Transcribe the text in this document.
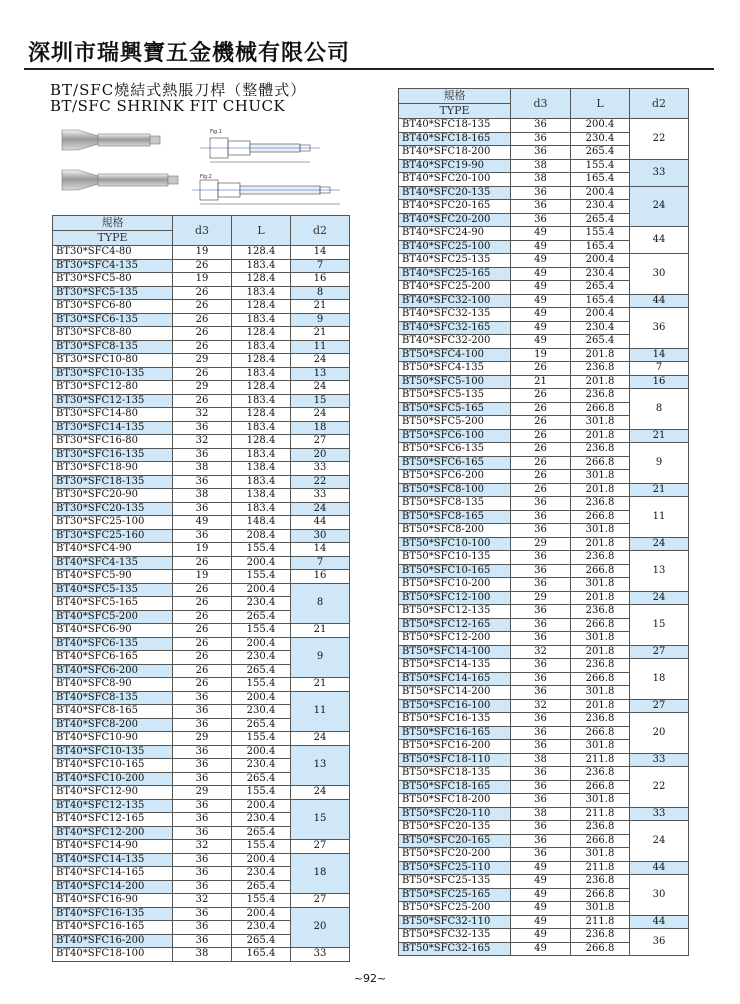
深圳市瑞興寶五金機械有限公司
BT/SFC燒結式熱脹刀桿（整體式）
BT/SFC SHRINK FIT CHUCK
Fig.1
Fig.2
規格	d3	L	d2
TYPE			
BT30*SFC4-80	19	128.4	14
BT30*SFC4-135	26	183.4	7
BT30*SFC5-80	19	128.4	16
BT30*SFC5-135	26	183.4	8
BT30*SFC6-80	26	128.4	21
BT30*SFC6-135	26	183.4	9
BT30*SFC8-80	26	128.4	21
BT30*SFC8-135	26	183.4	11
BT30*SFC10-80	29	128.4	24
BT30*SFC10-135	26	183.4	13
BT30*SFC12-80	29	128.4	24
BT30*SFC12-135	26	183.4	15
BT30*SFC14-80	32	128.4	24
BT30*SFC14-135	36	183.4	18
BT30*SFC16-80	32	128.4	27
BT30*SFC16-135	36	183.4	20
BT30*SFC18-90	38	138.4	33
BT30*SFC18-135	36	183.4	22
BT30*SFC20-90	38	138.4	33
BT30*SFC20-135	36	183.4	24
BT30*SFC25-100	49	148.4	44
BT30*SFC25-160	36	208.4	30
BT40*SFC4-90	19	155.4	14
BT40*SFC4-135	26	200.4	7
BT40*SFC5-90	19	155.4	16
BT40*SFC5-135	26	200.4	8
BT40*SFC5-165	26	230.4	
BT40*SFC5-200	26	265.4	
BT40*SFC6-90	26	155.4	21
BT40*SFC6-135	26	200.4	9
BT40*SFC6-165	26	230.4	
BT40*SFC6-200	26	265.4	
BT40*SFC8-90	26	155.4	21
BT40*SFC8-135	36	200.4	11
BT40*SFC8-165	36	230.4	
BT40*SFC8-200	36	265.4	
BT40*SFC10-90	29	155.4	24
BT40*SFC10-135	36	200.4	13
BT40*SFC10-165	36	230.4	
BT40*SFC10-200	36	265.4	
BT40*SFC12-90	29	155.4	24
BT40*SFC12-135	36	200.4	15
BT40*SFC12-165	36	230.4	
BT40*SFC12-200	36	265.4	
BT40*SFC14-90	32	155.4	27
BT40*SFC14-135	36	200.4	18
BT40*SFC14-165	36	230.4	
BT40*SFC14-200	36	265.4	
BT40*SFC16-90	32	155.4	27
BT40*SFC16-135	36	200.4	20
BT40*SFC16-165	36	230.4	
BT40*SFC16-200	36	265.4	
BT40*SFC18-100	38	165.4	33
規格	d3	L	d2
TYPE			
BT40*SFC18-135	36	200.4	22
BT40*SFC18-165	36	230.4	
BT40*SFC18-200	36	265.4	
BT40*SFC19-90	38	155.4	33
BT40*SFC20-100	38	165.4	
BT40*SFC20-135	36	200.4	24
BT40*SFC20-165	36	230.4	
BT40*SFC20-200	36	265.4	
BT40*SFC24-90	49	155.4	44
BT40*SFC25-100	49	165.4	
BT40*SFC25-135	49	200.4	30
BT40*SFC25-165	49	230.4	
BT40*SFC25-200	49	265.4	
BT40*SFC32-100	49	165.4	44
BT40*SFC32-135	49	200.4	36
BT40*SFC32-165	49	230.4	
BT40*SFC32-200	49	265.4	
BT50*SFC4-100	19	201.8	14
BT50*SFC4-135	26	236.8	7
BT50*SFC5-100	21	201.8	16
BT50*SFC5-135	26	236.8	8
BT50*SFC5-165	26	266.8	
BT50*SFC5-200	26	301.8	
BT50*SFC6-100	26	201.8	21
BT50*SFC6-135	26	236.8	9
BT50*SFC6-165	26	266.8	
BT50*SFC6-200	26	301.8	
BT50*SFC8-100	26	201.8	21
BT50*SFC8-135	36	236.8	11
BT50*SFC8-165	36	266.8	
BT50*SFC8-200	36	301.8	
BT50*SFC10-100	29	201.8	24
BT50*SFC10-135	36	236.8	13
BT50*SFC10-165	36	266.8	
BT50*SFC10-200	36	301.8	
BT50*SFC12-100	29	201.8	24
BT50*SFC12-135	36	236.8	15
BT50*SFC12-165	36	266.8	
BT50*SFC12-200	36	301.8	
BT50*SFC14-100	32	201.8	27
BT50*SFC14-135	36	236.8	18
BT50*SFC14-165	36	266.8	
BT50*SFC14-200	36	301.8	
BT50*SFC16-100	32	201.8	27
BT50*SFC16-135	36	236.8	20
BT50*SFC16-165	36	266.8	
BT50*SFC16-200	36	301.8	
BT50*SFC18-110	38	211.8	33
BT50*SFC18-135	36	236.8	22
BT50*SFC18-165	36	266.8	
BT50*SFC18-200	36	301.8	
BT50*SFC20-110	38	211.8	33
BT50*SFC20-135	36	236.8	24
BT50*SFC20-165	36	266.8	
BT50*SFC20-200	36	301.8	
BT50*SFC25-110	49	211.8	44
BT50*SFC25-135	49	236.8	30
BT50*SFC25-165	49	266.8	
BT50*SFC25-200	49	301.8	
BT50*SFC32-110	49	211.8	44
BT50*SFC32-135	49	236.8	36
BT50*SFC32-165	49	266.8	
~92~
